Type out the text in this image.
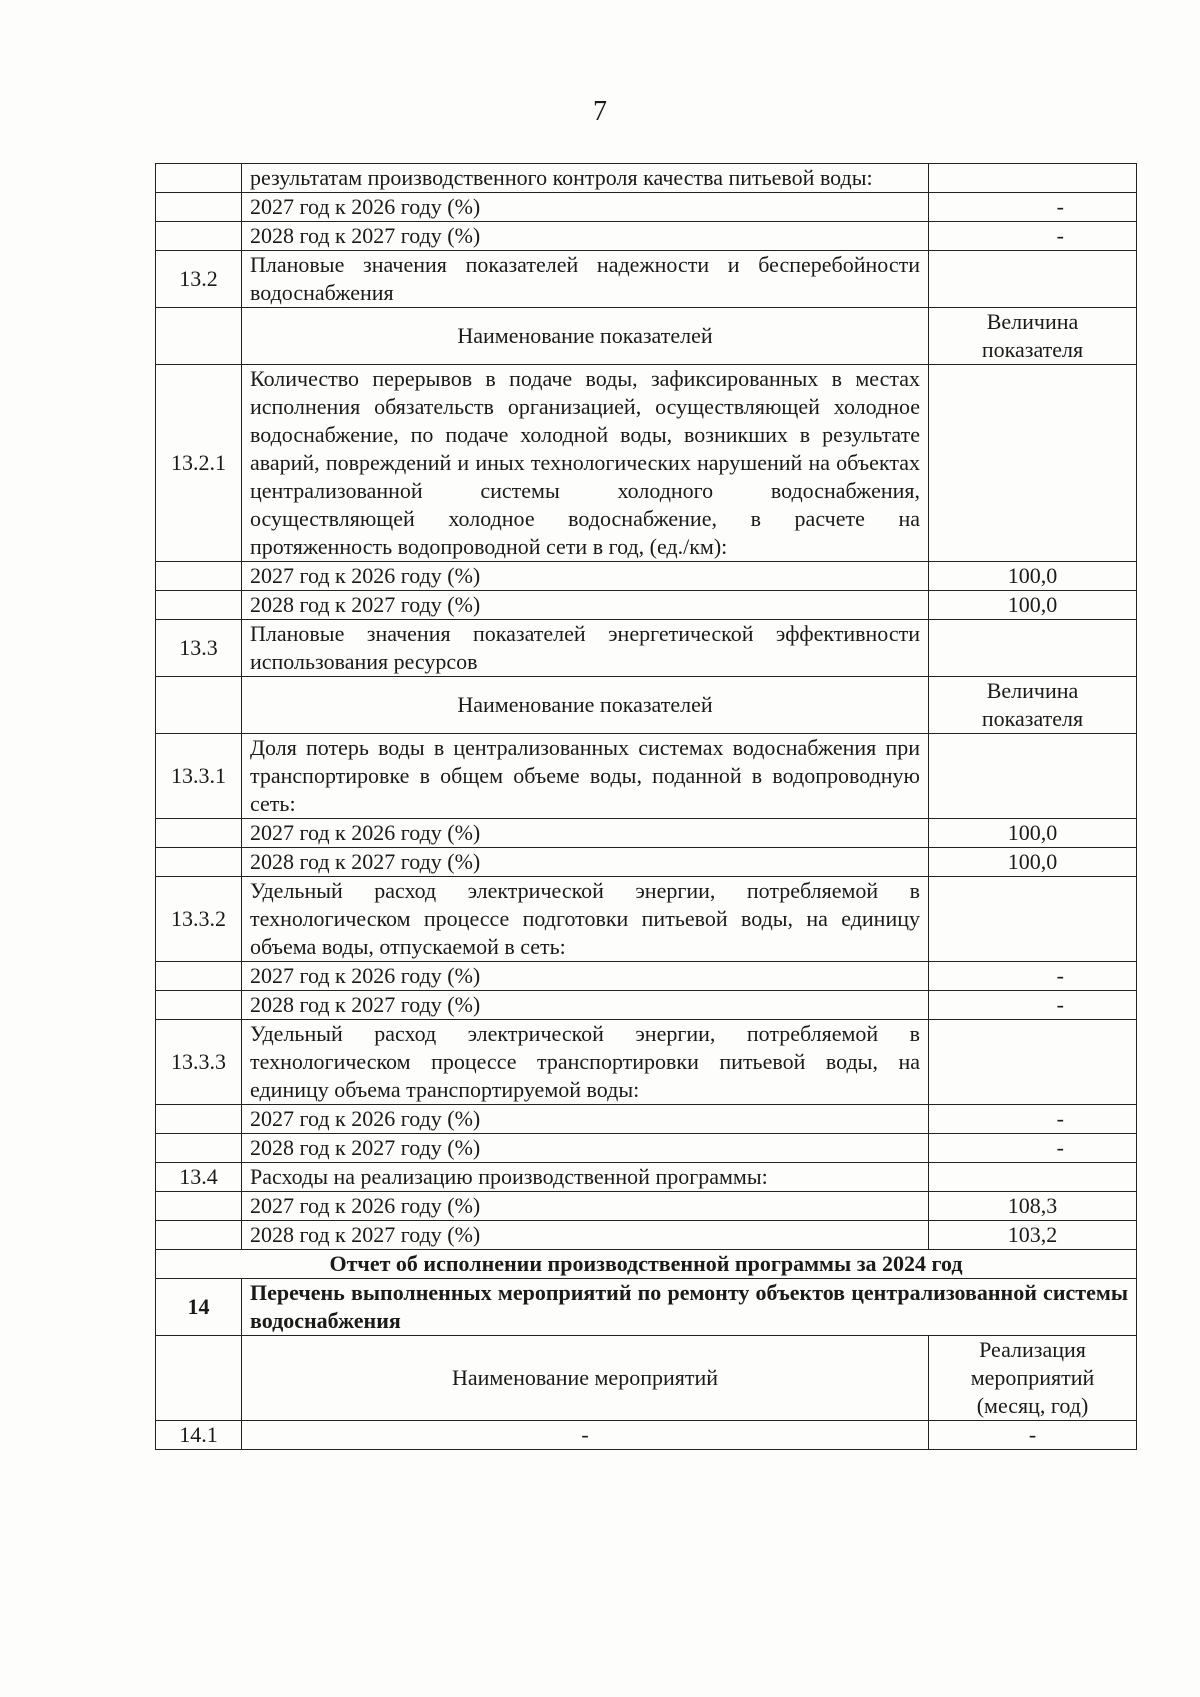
7
	результатам производственного контроля качества питьевой воды:	
	2027 год к 2026 году (%)	-
	2028 год к 2027 году (%)	-
13.2	Плановые значения показателей надежности и бесперебойности водоснабжения	
	Наименование показателей	Величина показателя
13.2.1	Количество перерывов в подаче воды, зафиксированных в местах исполнения обязательств организацией, осуществляющей холодное водоснабжение, по подаче холодной воды, возникших в результате аварий, повреждений и иных технологических нарушений на объектах централизованной системы холодного водоснабжения, осуществляющей холодное водоснабжение, в расчете на протяженность водопроводной сети в год, (ед./км):	
	2027 год к 2026 году (%)	100,0
	2028 год к 2027 году (%)	100,0
13.3	Плановые значения показателей энергетической эффективности использования ресурсов	
	Наименование показателей	Величина показателя
13.3.1	Доля потерь воды в централизованных системах водоснабжения при транспортировке в общем объеме воды, поданной в водопроводную сеть:	
	2027 год к 2026 году (%)	100,0
	2028 год к 2027 году (%)	100,0
13.3.2	Удельный расход электрической энергии, потребляемой в технологическом процессе подготовки питьевой воды, на единицу объема воды, отпускаемой в сеть:	
	2027 год к 2026 году (%)	-
	2028 год к 2027 году (%)	-
13.3.3	Удельный расход электрической энергии, потребляемой в технологическом процессе транспортировки питьевой воды, на единицу объема транспортируемой воды:	
	2027 год к 2026 году (%)	-
	2028 год к 2027 году (%)	-
13.4	Расходы на реализацию производственной программы:	
	2027 год к 2026 году (%)	108,3
	2028 год к 2027 году (%)	103,2
Отчет об исполнении производственной программы за 2024 год		
14	Перечень выполненных мероприятий по ремонту объектов централизованной системы водоснабжения	
	Наименование мероприятий	Реализация мероприятий (месяц, год)
14.1	-	-
